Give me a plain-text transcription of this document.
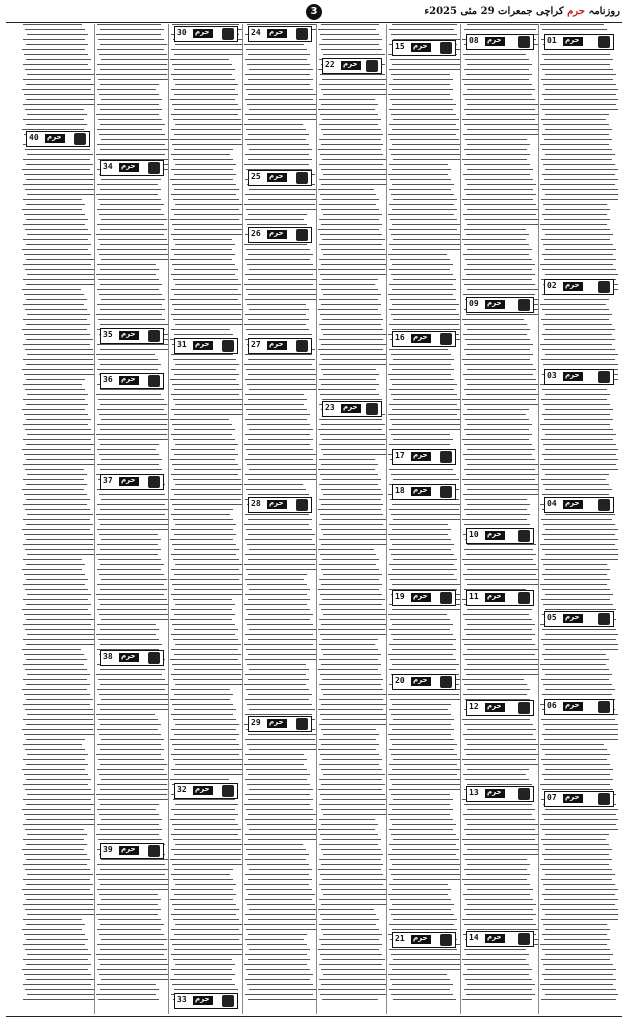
3	روزنامہ حرم کراچی جمعرات 29 مئی 2025ء
01 حرم
02 حرم
03 حرم
04 حرم
05 حرم
06 حرم
07 حرم
08 حرم
09 حرم
10 حرم
11 حرم
12 حرم
13 حرم
14 حرم
15 حرم
16 حرم
17 حرم
18 حرم
19 حرم
20 حرم
21 حرم
22 حرم
23 حرم
24 حرم
25 حرم
26 حرم
27 حرم
28 حرم
29 حرم
30 حرم
31 حرم
32 حرم
33 حرم
34 حرم
35 حرم
36 حرم
37 حرم
38 حرم
39 حرم
40 حرم
